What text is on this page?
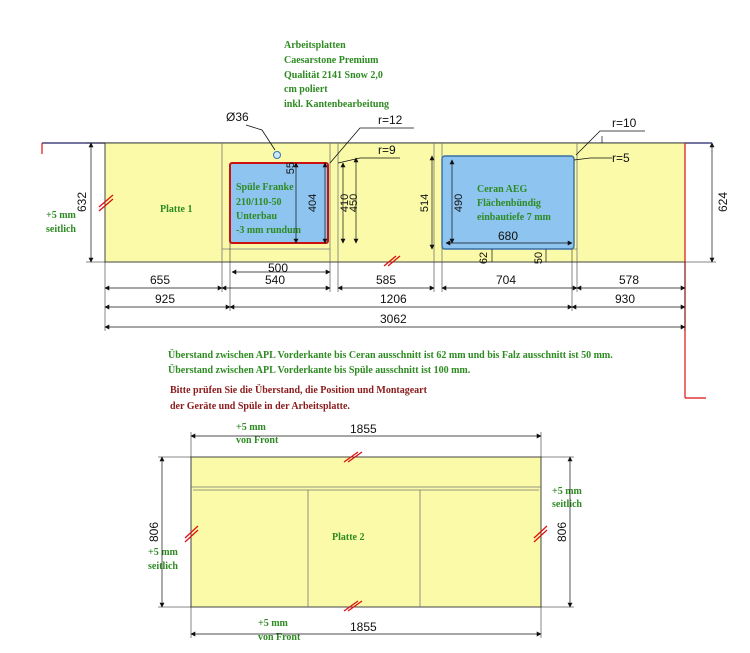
Arbeitsplatten
Caesarstone Premium
Qualität 2141 Snow 2,0
cm poliert
inkl. Kantenbearbeitung
Platte 1
+5 mm
seitlich
Ø36
Spüle Franke
210/110-50
Unterbau
-3 mm rundum
r=12
r=9
55
404 410
450
Ceran AEG
Flächenbündig
einbautiefe 7 mm
r=10
r=5
514 490
680
62	50
632	624
655
500
540	585	704	578
925	1206	930
3062
Überstand zwischen APL Vorderkante bis Ceran ausschnitt ist 62 mm und bis Falz ausschnitt ist 50 mm.
Überstand zwischen APL Vorderkante bis Spüle ausschnitt ist 100 mm.
Bitte prüfen Sie die Überstand, die Position und Montageart
der Geräte und Spüle in der Arbeitsplatte.
Platte 2
+5 mm
von Front
+5 mm
von Front
+5 mm
seitlich
+5 mm
seitlich
1855
1855
806	806
